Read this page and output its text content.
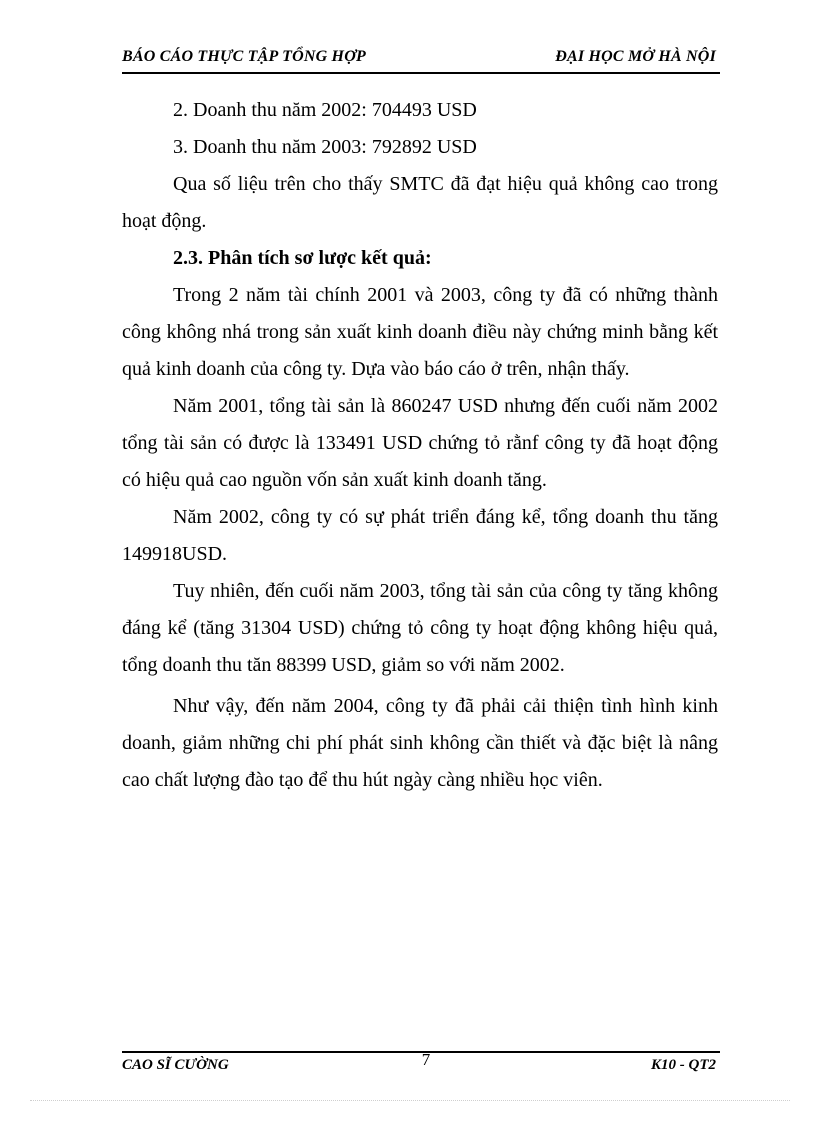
BÁO CÁO THỰC TẬP TỔNG HỢP	ĐẠI HỌC MỞ HÀ NỘI

2. Doanh thu năm 2002: 704493 USD

3. Doanh thu năm 2003: 792892 USD

Qua số liệu trên cho thấy SMTC đã đạt hiệu quả không cao trong hoạt động.

2.3. Phân tích sơ lược kết quả:

Trong 2 năm tài chính 2001 và 2003, công ty đã có những thành công không nhá trong sản xuất kinh doanh điều này chứng minh bằng kết quả kinh doanh của công ty. Dựa vào báo cáo ở trên, nhận thấy.

Năm 2001, tổng tài sản là 860247 USD nhưng đến cuối năm 2002 tổng tài sản có được là 133491 USD chứng tỏ rằnf công ty đã hoạt động có hiệu quả cao nguồn vốn sản xuất kinh doanh tăng.

Năm 2002, công ty có sự phát triển đáng kể, tổng doanh thu tăng 149918USD.

Tuy nhiên, đến cuối năm 2003, tổng tài sản của công ty tăng không đáng kể (tăng 31304 USD) chứng tỏ công ty hoạt động không hiệu quả, tổng doanh thu tăn 88399 USD, giảm so với năm 2002.

Như vậy, đến năm 2004, công ty đã phải cải thiện tình hình kinh doanh, giảm những chi phí phát sinh không cần thiết và đặc biệt là nâng cao chất lượng đào tạo để thu hút ngày càng nhiều học viên.

CAO SĨ CƯỜNG	7	K10 - QT2
